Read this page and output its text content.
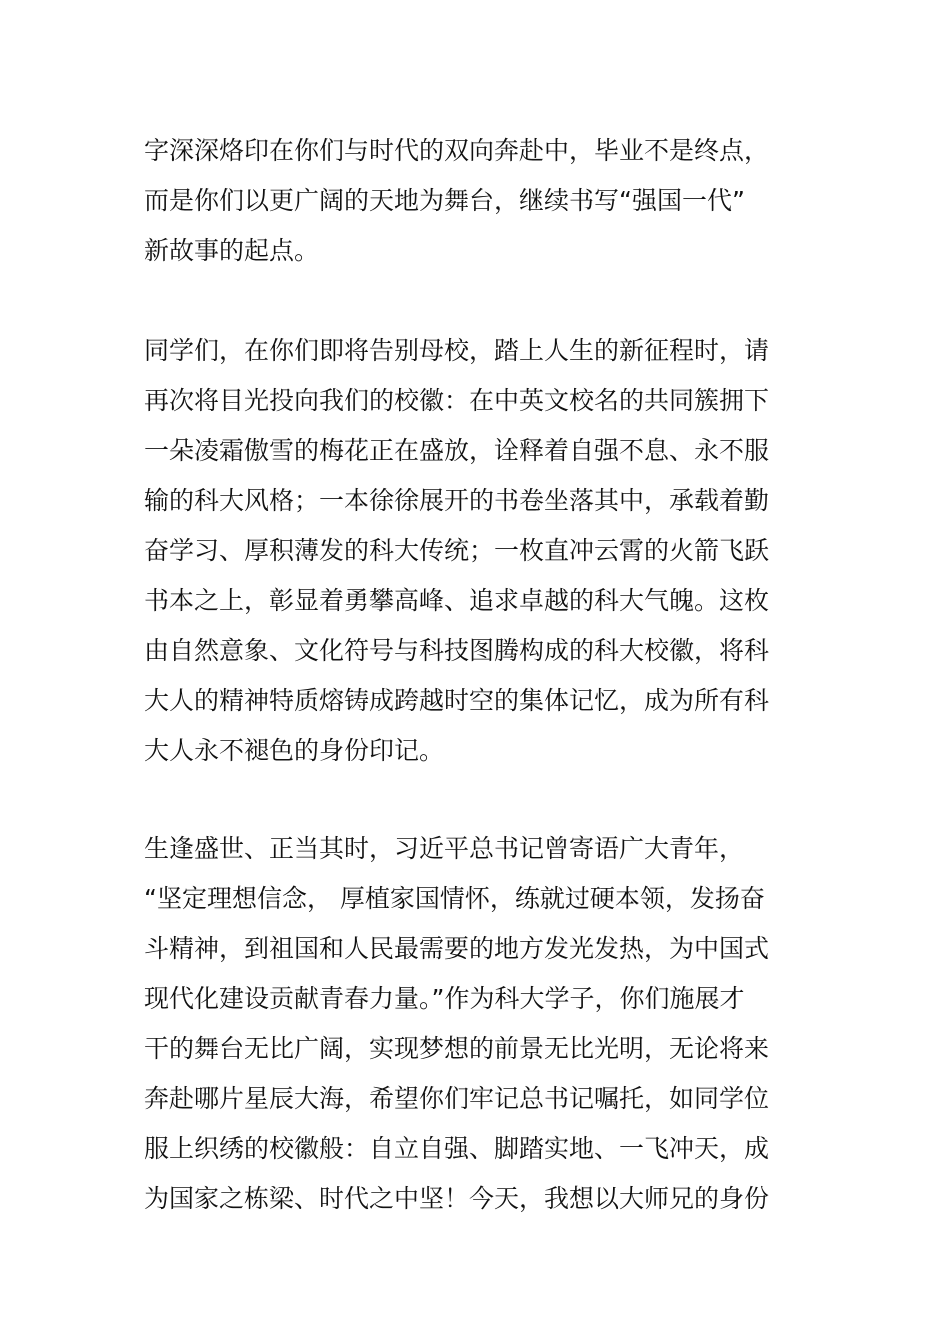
字深深烙印在你们与时代的双向奔赴中，毕业不是终点，
而是你们以更广阔的天地为舞台，继续书写“强国一代”
新故事的起点。
同学们，在你们即将告别母校，踏上人生的新征程时，请
再次将目光投向我们的校徽：在中英文校名的共同簇拥下
一朵凌霜傲雪的梅花正在盛放，诠释着自强不息、永不服
输的科大风格；一本徐徐展开的书卷坐落其中，承载着勤
奋学习、厚积薄发的科大传统；一枚直冲云霄的火箭飞跃
书本之上，彰显着勇攀高峰、追求卓越的科大气魄。这枚
由自然意象、文化符号与科技图腾构成的科大校徽，将科
大人的精神特质熔铸成跨越时空的集体记忆，成为所有科
大人永不褪色的身份印记。
生逢盛世、正当其时，习近平总书记曾寄语广大青年，
“坚定理想信念， 厚植家国情怀，练就过硬本领，发扬奋
斗精神，到祖国和人民最需要的地方发光发热，为中国式
现代化建设贡献青春力量。”作为科大学子，你们施展才
干的舞台无比广阔，实现梦想的前景无比光明，无论将来
奔赴哪片星辰大海，希望你们牢记总书记嘱托，如同学位
服上织绣的校徽般：自立自强、脚踏实地、一飞冲天，成
为国家之栋梁、时代之中坚！今天，我想以大师兄的身份
